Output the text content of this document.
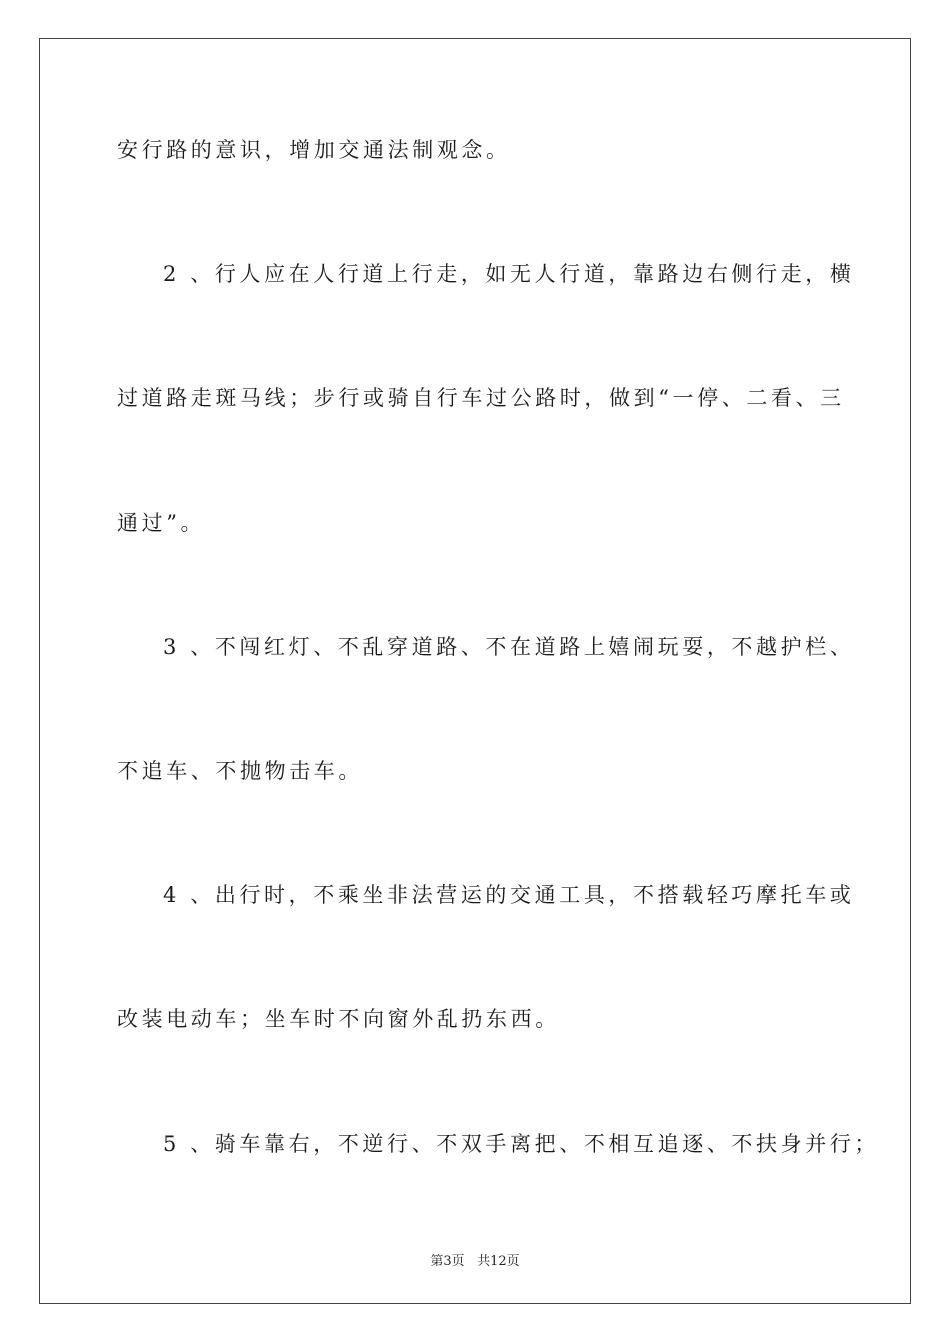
安行路的意识，增加交通法制观念。
2 、行人应在人行道上行走，如无人行道，靠路边右侧行走，横
过道路走斑马线；步行或骑自行车过公路时，做到“一停、二看、三
通过”。
3 、不闯红灯、不乱穿道路、不在道路上嬉闹玩耍，不越护栏、
不追车、不抛物击车。
4 、出行时，不乘坐非法营运的交通工具，不搭载轻巧摩托车或
改装电动车；坐车时不向窗外乱扔东西。
5 、骑车靠右，不逆行、不双手离把、不相互追逐、不扶身并行；
第3页 共12页
